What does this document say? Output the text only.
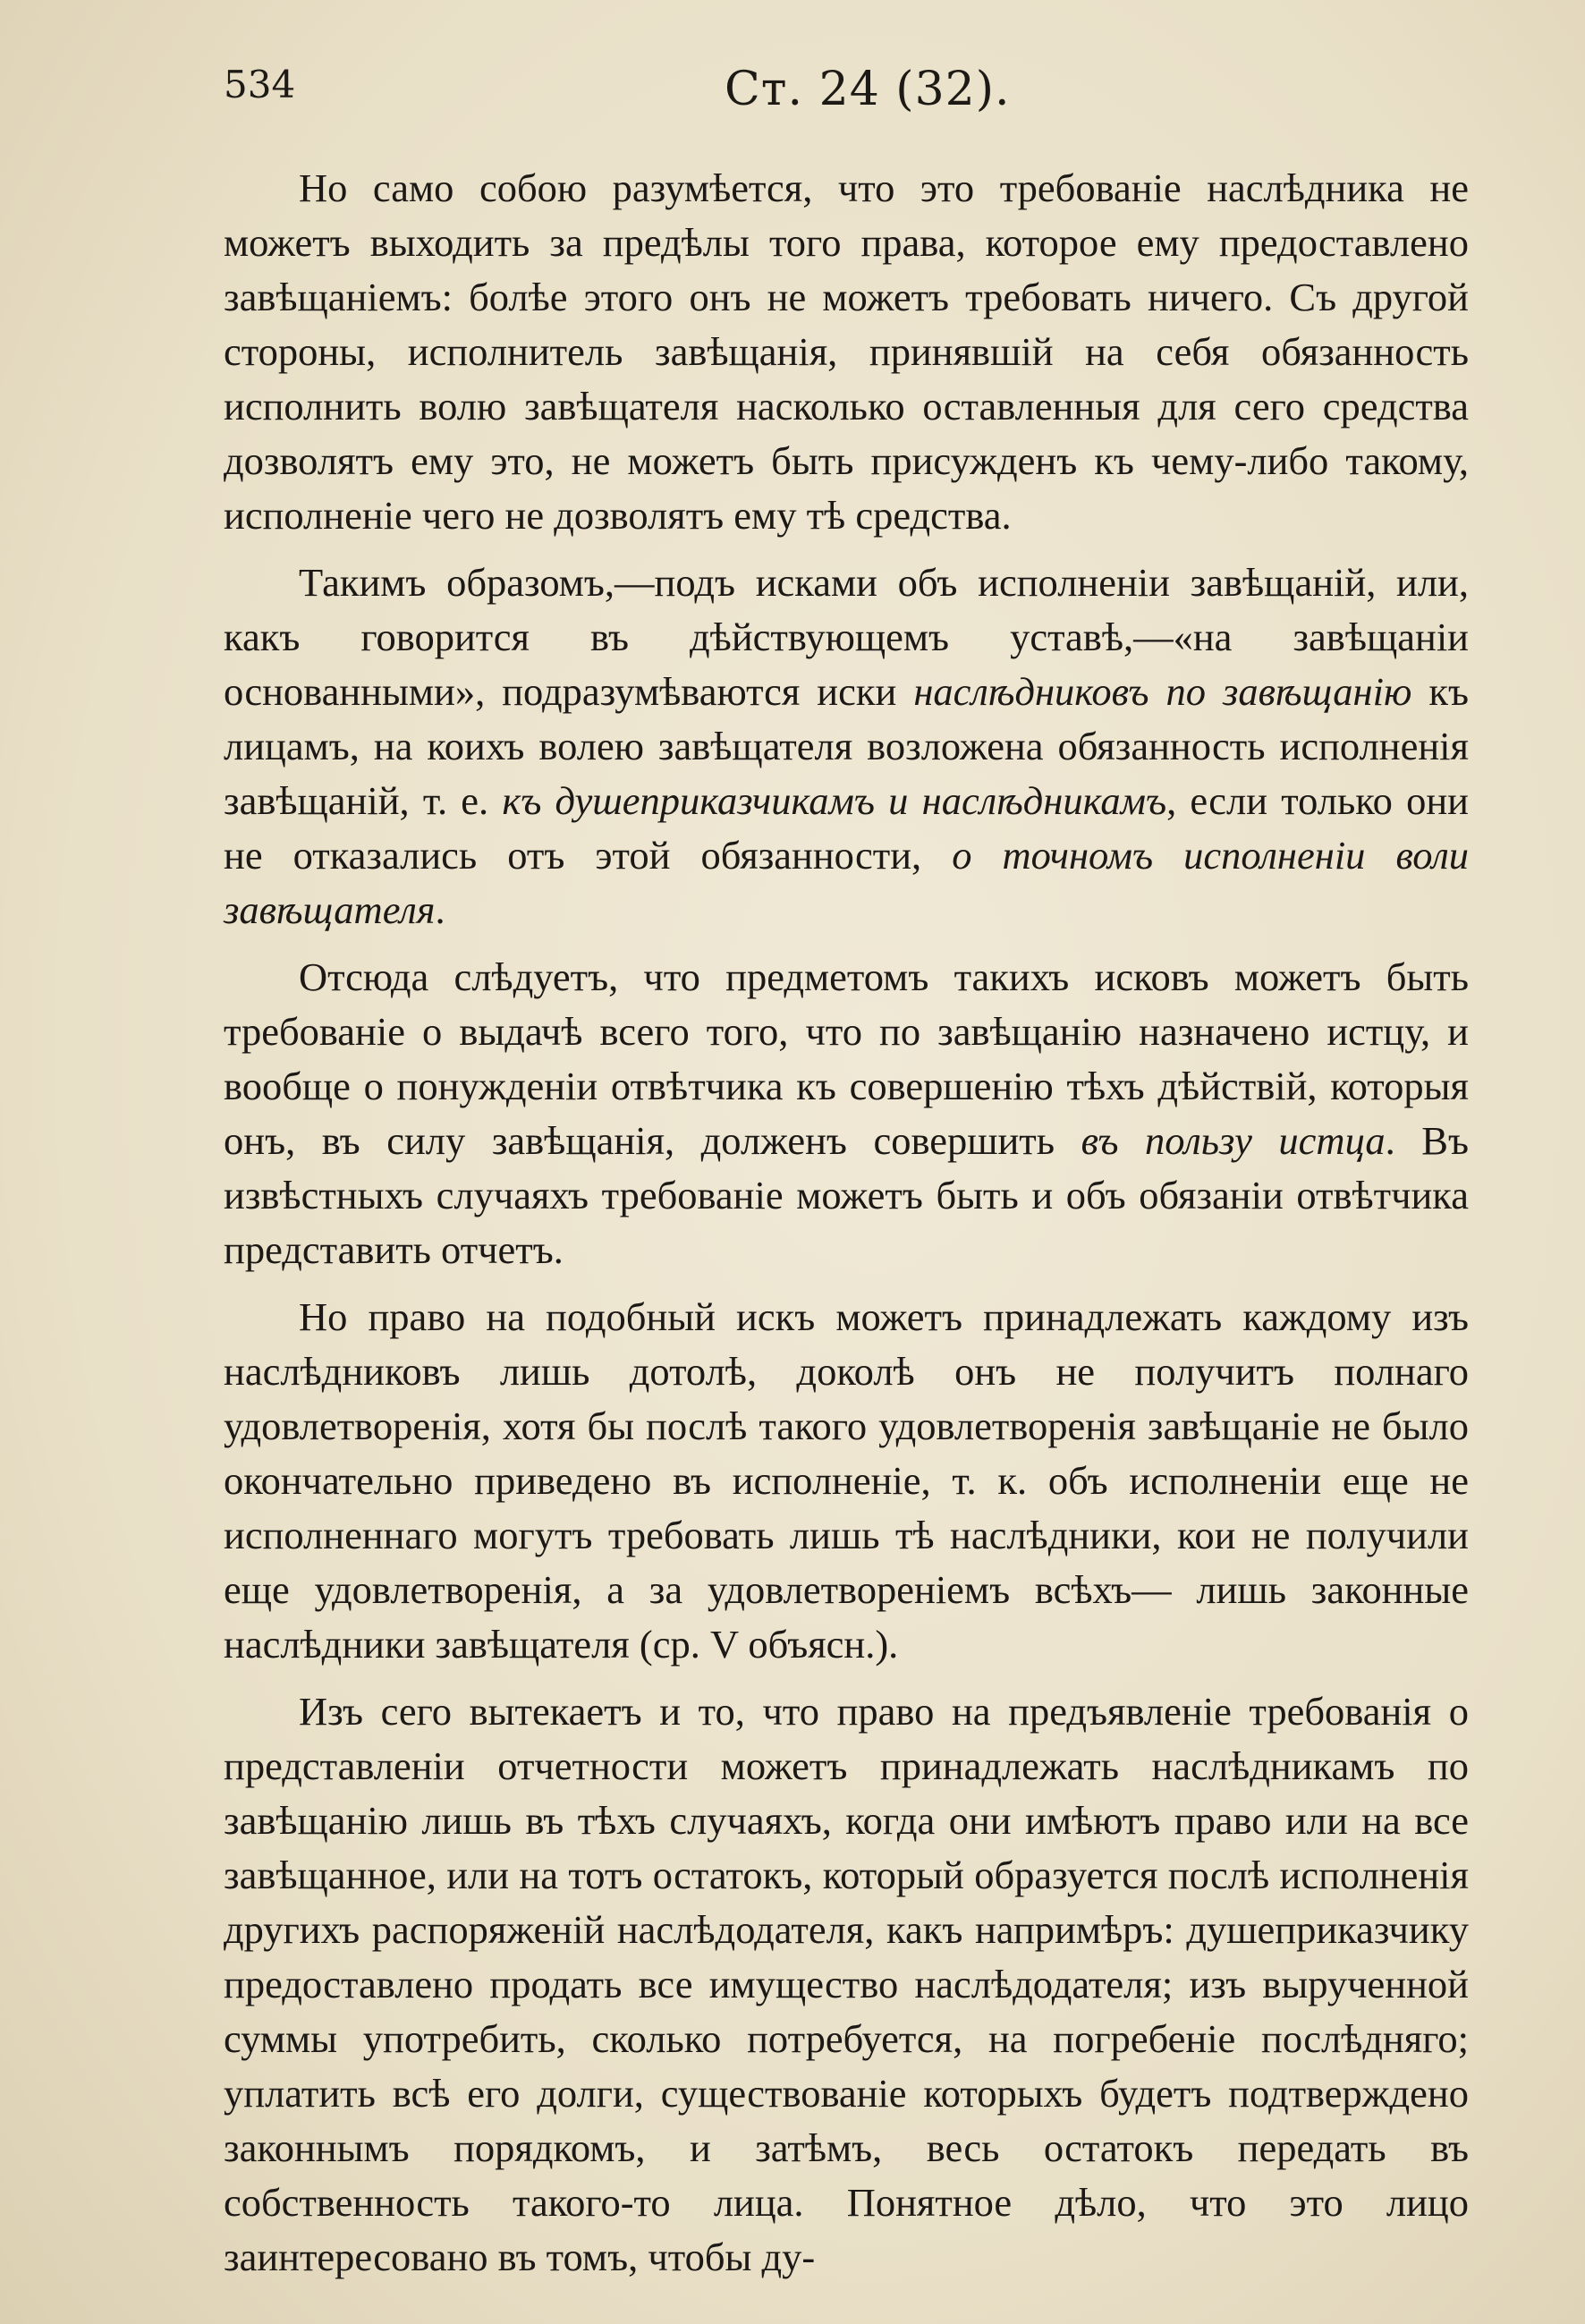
534	Ст. 24 (32).

Но само собою разумѣется, что это требованіе наслѣдника не можетъ выходить за предѣлы того права, которое ему предоставлено завѣщаніемъ: болѣе этого онъ не можетъ требовать ничего. Съ другой стороны, исполнитель завѣщанія, принявшій на себя обязанность исполнить волю завѣщателя насколько оставленныя для сего средства дозволятъ ему это, не можетъ быть присужденъ къ чему-либо такому, исполненіе чего не дозволятъ ему тѣ средства.

Такимъ образомъ,—подъ исками объ исполненіи завѣщаній, или, какъ говорится въ дѣйствующемъ уставѣ,—«на завѣщаніи основанными», подразумѣваются иски наслѣдниковъ по завѣщанію къ лицамъ, на коихъ волею завѣщателя возложена обязанность исполненія завѣщаній, т. е. къ душеприказчикамъ и наслѣдникамъ, если только они не отказались отъ этой обязанности, о точномъ исполненіи воли завѣщателя.

Отсюда слѣдуетъ, что предметомъ такихъ исковъ можетъ быть требованіе о выдачѣ всего того, что по завѣщанію назначено истцу, и вообще о понужденіи отвѣтчика къ совершенію тѣхъ дѣйствій, которыя онъ, въ силу завѣщанія, долженъ совершить въ пользу истца. Въ извѣстныхъ случаяхъ требованіе можетъ быть и объ обязаніи отвѣтчика представить отчетъ.

Но право на подобный искъ можетъ принадлежать каждому изъ наслѣдниковъ лишь дотолѣ, доколѣ онъ не получитъ полнаго удовлетворенія, хотя бы послѣ такого удовлетворенія завѣщаніе не было окончательно приведено въ исполненіе, т. к. объ исполненіи еще не исполненнаго могутъ требовать лишь тѣ наслѣдники, кои не получили еще удовлетворенія, а за удовлетвореніемъ всѣхъ— лишь законные наслѣдники завѣщателя (ср. V объясн.).

Изъ сего вытекаетъ и то, что право на предъявленіе требованія о представленіи отчетности можетъ принадлежать наслѣдникамъ по завѣщанію лишь въ тѣхъ случаяхъ, когда они имѣютъ право или на все завѣщанное, или на тотъ остатокъ, который образуется послѣ исполненія другихъ распоряженій наслѣдодателя, какъ напримѣръ: душеприказчику предоставлено продать все имущество наслѣдодателя; изъ вырученной суммы употребить, сколько потребуется, на погребеніе послѣдняго; уплатить всѣ его долги, существованіе которыхъ будетъ подтверждено законнымъ порядкомъ, и затѣмъ, весь остатокъ передать въ собственность такого-то лица. Понятное дѣло, что это лицо заинтересовано въ томъ, чтобы ду-
